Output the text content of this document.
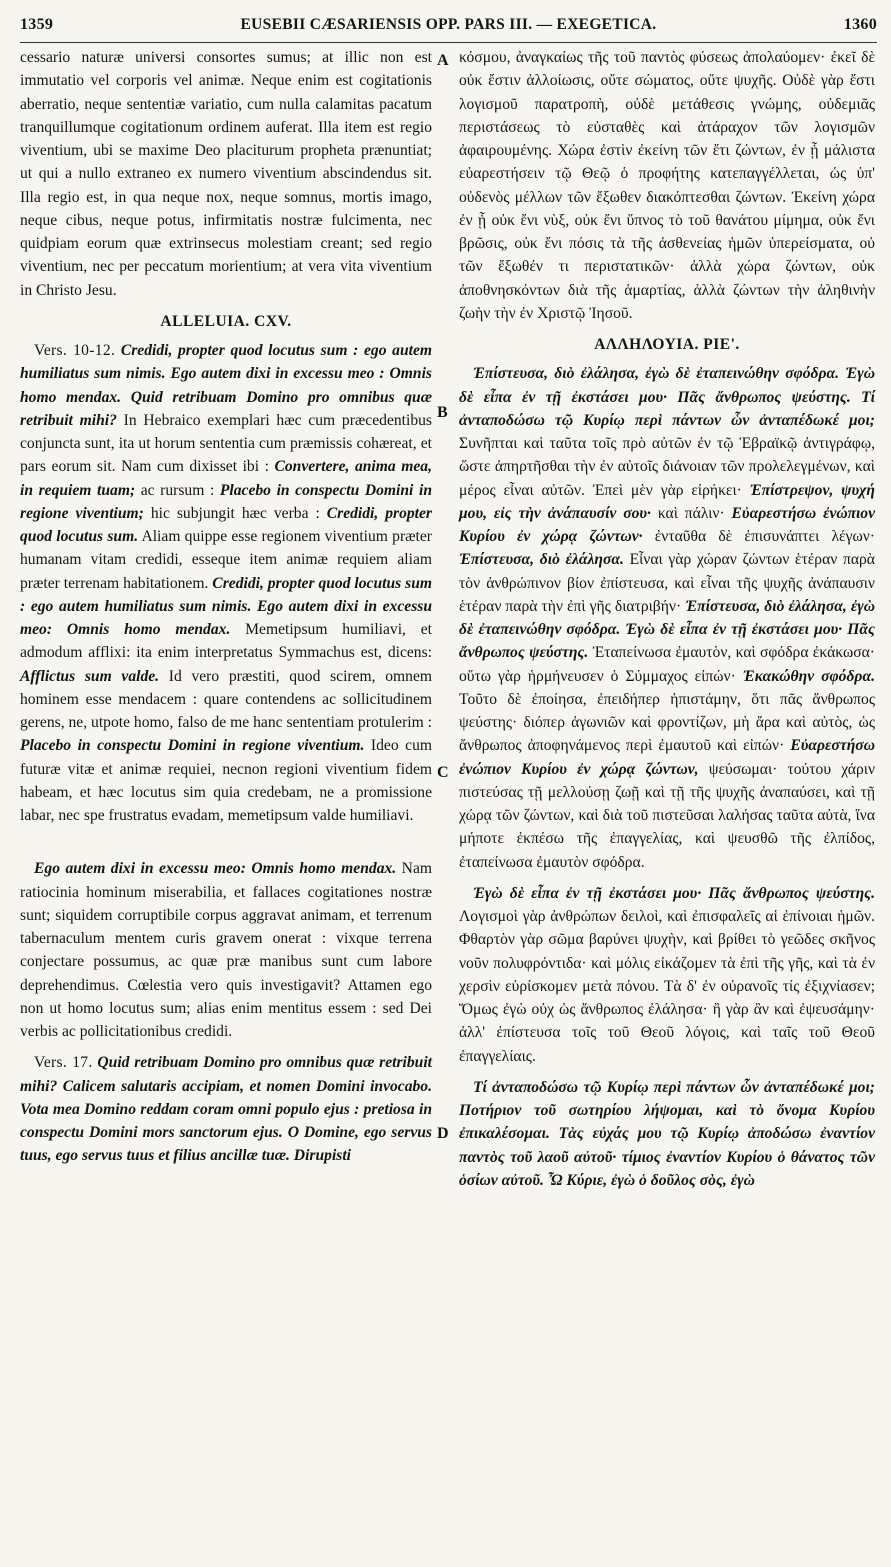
1359	EUSEBII CÆSARIENSIS OPP. PARS III. — EXEGETICA.	1360
A
B
C
D

cessario naturæ universi consortes sumus; at illic non est immutatio vel corporis vel animæ. Neque enim est cogitationis aberratio, neque sententiæ variatio, cum nulla calamitas pacatum tranquillumque cogitationum ordinem auferat. Illa item est regio viventium, ubi se maxime Deo placiturum propheta prænuntiat; ut qui a nullo extraneo ex numero viventium abscindendus sit. Illa regio est, in qua neque nox, neque somnus, mortis imago, neque cibus, neque potus, infirmitatis nostræ fulcimenta, nec quidpiam eorum quæ extrinsecus molestiam creant; sed regio viventium, nec per peccatum morientium; at vera vita viventium in Christo Jesu.

ALLELUIA. CXV.

Vers. 10-12. Credidi, propter quod locutus sum : ego autem humiliatus sum nimis. Ego autem dixi in excessu meo : Omnis homo mendax. Quid retribuam Domino pro omnibus quæ retribuit mihi? In Hebraico exemplari hæc cum præcedentibus conjuncta sunt, ita ut horum sententia cum præmissis cohæreat, et pars eorum sit. Nam cum dixisset ibi : Convertere, anima mea, in requiem tuam; ac rursum : Placebo in conspectu Domini in regione viventium; hic subjungit hæc verba : Credidi, propter quod locutus sum. Aliam quippe esse regionem viventium præter humanam vitam credidi, esseque item animæ requiem aliam præter terrenam habitationem. Credidi, propter quod locutus sum : ego autem humiliatus sum nimis. Ego autem dixi in excessu meo: Omnis homo mendax. Memetipsum humiliavi, et admodum afflixi: ita enim interpretatus Symmachus est, dicens: Afflictus sum valde. Id vero præstiti, quod scirem, omnem hominem esse mendacem : quare contendens ac sollicitudinem gerens, ne, utpote homo, falso de me hanc sententiam protulerim : Placebo in conspectu Domini in regione viventium. Ideo cum futuræ vitæ et animæ requiei, necnon regioni viventium fidem habeam, et hæc locutus sim quia credebam, ne a promissione labar, nec spe frustratus evadam, memetipsum valde humiliavi.

Ego autem dixi in excessu meo: Omnis homo mendax. Nam ratiocinia hominum miserabilia, et fallaces cogitationes nostræ sunt; siquidem corruptibile corpus aggravat animam, et terrenum tabernaculum mentem curis gravem onerat : vixque terrena conjectare possumus, ac quæ præ manibus sunt cum labore deprehendimus. Cœlestia vero quis investigavit? Attamen ego non ut homo locutus sum; alias enim mentitus essem : sed Dei verbis ac pollicitationibus credidi.

Vers. 17. Quid retribuam Domino pro omnibus quæ retribuit mihi? Calicem salutaris accipiam, et nomen Domini invocabo. Vota mea Domino reddam coram omni populo ejus : pretiosa in conspectu Domini mors sanctorum ejus. O Domine, ego servus tuus, ego servus tuus et filius ancillæ tuæ. Dirupisti

κόσμου, ἀναγκαίως τῆς τοῦ παντὸς φύσεως ἀπολαύομεν· ἐκεῖ δὲ οὐκ ἔστιν ἀλλοίωσις, οὔτε σώματος, οὔτε ψυχῆς. Οὐδὲ γὰρ ἔστι λογισμοῦ παρατροπὴ, οὐδὲ μετάθεσις γνώμης, οὐδεμιᾶς περιστάσεως τὸ εὐσταθὲς καὶ ἀτάραχον τῶν λογισμῶν ἀφαιρουμένης. Χώρα ἐστὶν ἐκείνη τῶν ἔτι ζώντων, ἐν ᾗ μάλιστα εὐαρεστήσειν τῷ Θεῷ ὁ προφήτης κατεπαγγέλλεται, ὡς ὑπ' οὐδενὸς μέλλων τῶν ἔξωθεν διακόπτεσθαι ζώντων. Ἐκείνη χώρα ἐν ᾗ οὐκ ἔνι νὺξ, οὐκ ἔνι ὕπνος τὸ τοῦ θανάτου μίμημα, οὐκ ἔνι βρῶσις, οὐκ ἔνι πόσις τὰ τῆς ἀσθενείας ἡμῶν ὑπερείσματα, οὐ τῶν ἔξωθέν τι περιστατικῶν· ἀλλὰ χώρα ζώντων, οὐκ ἀποθνησκόντων διὰ τῆς ἁμαρτίας, ἀλλὰ ζώντων τὴν ἀληθινὴν ζωὴν τὴν ἐν Χριστῷ Ἰησοῦ.

ΑΛΛΗΛΟΥΙΑ. ΡΙΕ'.

Ἐπίστευσα, διὸ ἐλάλησα, ἐγὼ δὲ ἐταπεινώθην σφόδρα. Ἐγὼ δὲ εἶπα ἐν τῇ ἐκστάσει μου· Πᾶς ἄνθρωπος ψεύστης. Τί ἀνταποδώσω τῷ Κυρίῳ περὶ πάντων ὧν ἀνταπέδωκέ μοι; Συνῆπται καὶ ταῦτα τοῖς πρὸ αὐτῶν ἐν τῷ Ἑβραϊκῷ ἀντιγράφῳ, ὥστε ἀπηρτῆσθαι τὴν ἐν αὐτοῖς διάνοιαν τῶν προλελεγμένων, καὶ μέρος εἶναι αὐτῶν. Ἐπεὶ μὲν γὰρ εἰρήκει· Ἐπίστρεψον, ψυχή μου, εἰς τὴν ἀνάπαυσίν σου· καὶ πάλιν· Εὐαρεστήσω ἐνώπιον Κυρίου ἐν χώρᾳ ζώντων· ἐνταῦθα δὲ ἐπισυνάπτει λέγων· Ἐπίστευσα, διὸ ἐλάλησα. Εἶναι γὰρ χώραν ζώντων ἑτέραν παρὰ τὸν ἀνθρώπινον βίον ἐπίστευσα, καὶ εἶναι τῆς ψυχῆς ἀνάπαυσιν ἑτέραν παρὰ τὴν ἐπὶ γῆς διατριβήν· Ἐπίστευσα, διὸ ἐλάλησα, ἐγὼ δὲ ἐταπεινώθην σφόδρα. Ἐγὼ δὲ εἶπα ἐν τῇ ἐκστάσει μου· Πᾶς ἄνθρωπος ψεύστης. Ἐταπείνωσα ἐμαυτὸν, καὶ σφόδρα ἐκάκωσα· οὕτω γὰρ ἡρμήνευσεν ὁ Σύμμαχος εἰπών· Ἐκακώθην σφόδρα. Τοῦτο δὲ ἐποίησα, ἐπειδήπερ ἠπιστάμην, ὅτι πᾶς ἄνθρωπος ψεύστης· διόπερ ἀγωνιῶν καὶ φροντίζων, μὴ ἄρα καὶ αὐτὸς, ὡς ἄνθρωπος ἀποφηνάμενος περὶ ἐμαυτοῦ καὶ εἰπών· Εὐαρεστήσω ἐνώπιον Κυρίου ἐν χώρᾳ ζώντων, ψεύσωμαι· τούτου χάριν πιστεύσας τῇ μελλούσῃ ζωῇ καὶ τῇ τῆς ψυχῆς ἀναπαύσει, καὶ τῇ χώρᾳ τῶν ζώντων, καὶ διὰ τοῦ πιστεῦσαι λαλήσας ταῦτα αὐτὰ, ἵνα μήποτε ἐκπέσω τῆς ἐπαγγελίας, καὶ ψευσθῶ τῆς ἐλπίδος, ἐταπείνωσα ἐμαυτὸν σφόδρα.

Ἐγὼ δὲ εἶπα ἐν τῇ ἐκστάσει μου· Πᾶς ἄνθρωπος ψεύστης. Λογισμοὶ γὰρ ἀνθρώπων δειλοὶ, καὶ ἐπισφαλεῖς αἱ ἐπίνοιαι ἡμῶν. Φθαρτὸν γὰρ σῶμα βαρύνει ψυχὴν, καὶ βρίθει τὸ γεῶδες σκῆνος νοῦν πολυφρόντιδα· καὶ μόλις εἰκάζομεν τὰ ἐπὶ τῆς γῆς, καὶ τὰ ἐν χερσὶν εὑρίσκομεν μετὰ πόνου. Τὰ δ' ἐν οὐρανοῖς τίς ἐξιχνίασεν; Ὅμως ἐγὼ οὐχ ὡς ἄνθρωπος ἐλάλησα· ἢ γὰρ ἂν καὶ ἐψευσάμην· ἀλλ' ἐπίστευσα τοῖς τοῦ Θεοῦ λόγοις, καὶ ταῖς τοῦ Θεοῦ ἐπαγγελίαις.

Τί ἀνταποδώσω τῷ Κυρίῳ περὶ πάντων ὧν ἀνταπέδωκέ μοι; Ποτήριον τοῦ σωτηρίου λήψομαι, καὶ τὸ ὄνομα Κυρίου ἐπικαλέσομαι. Τὰς εὐχάς μου τῷ Κυρίῳ ἀποδώσω ἐναντίον παντὸς τοῦ λαοῦ αὐτοῦ· τίμιος ἐναντίον Κυρίου ὁ θάνατος τῶν ὁσίων αὐτοῦ. Ὦ Κύριε, ἐγὼ ὁ δοῦλος σὸς, ἐγὼ
